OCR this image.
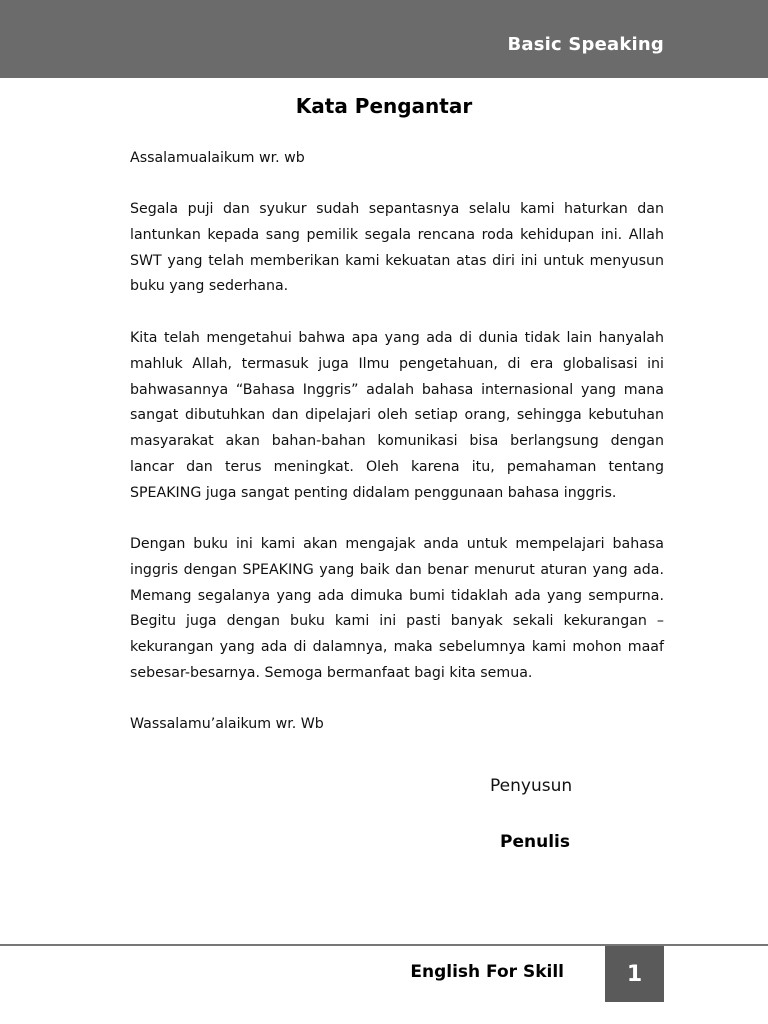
Basic Speaking
Kata Pengantar
Assalamualaikum wr. wb

Segala puji dan syukur sudah sepantasnya selalu kami haturkan dan lantunkan kepada sang pemilik segala rencana roda kehidupan ini. Allah SWT yang telah memberikan kami kekuatan atas diri ini untuk menyusun buku yang sederhana.

Kita telah mengetahui bahwa apa yang ada di dunia tidak lain hanyalah mahluk Allah, termasuk juga Ilmu pengetahuan, di era globalisasi ini bahwasannya “Bahasa Inggris” adalah bahasa internasional yang mana sangat dibutuhkan dan dipelajari oleh setiap orang, sehingga kebutuhan masyarakat akan bahan-bahan komunikasi bisa berlangsung dengan lancar dan terus meningkat. Oleh karena itu, pemahaman tentang SPEAKING juga sangat penting didalam penggunaan bahasa inggris.

Dengan buku ini kami akan mengajak anda untuk mempelajari bahasa inggris dengan SPEAKING yang baik dan benar menurut aturan yang ada. Memang segalanya yang ada dimuka bumi tidaklah ada yang sempurna. Begitu juga dengan buku kami ini pasti banyak sekali kekurangan – kekurangan yang ada di dalamnya, maka sebelumnya kami mohon maaf sebesar-besarnya. Semoga bermanfaat bagi kita semua.

Wassalamu’alaikum wr. Wb
Penyusun
Penulis
English For Skill	1
